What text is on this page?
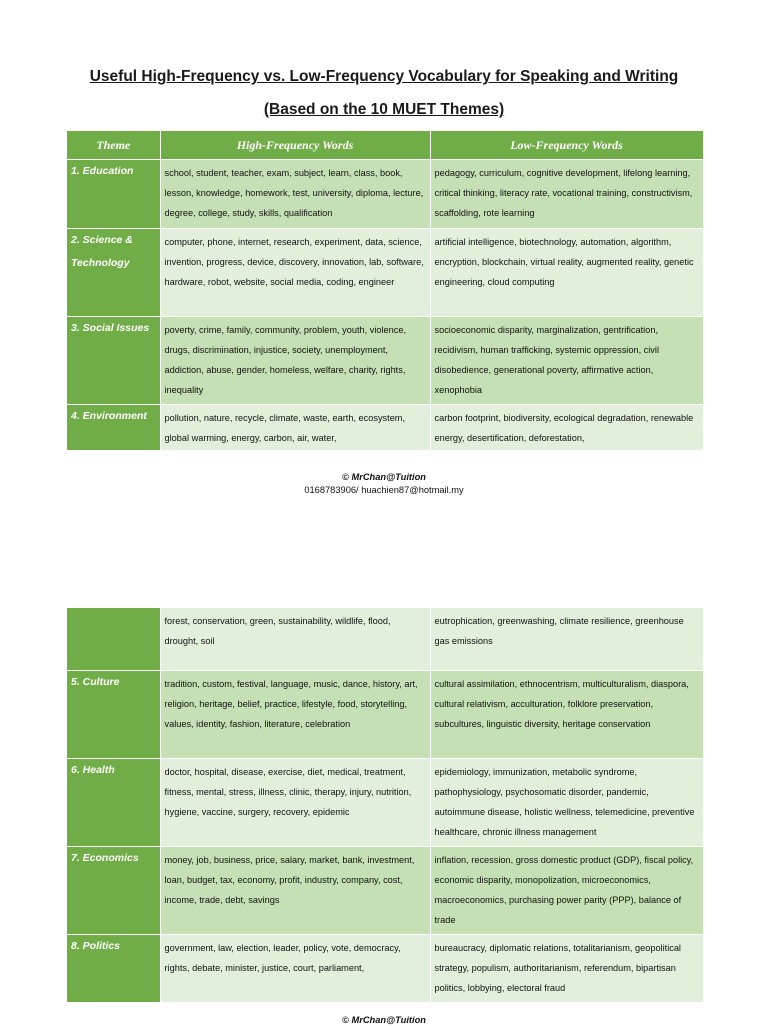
Useful High-Frequency vs. Low-Frequency Vocabulary for Speaking and Writing
(Based on the 10 MUET Themes)
Theme	High-Frequency Words	Low-Frequency Words
1. Education	school, student, teacher, exam, subject, learn, class, book, lesson, knowledge, homework, test, university, diploma, lecture, degree, college, study, skills, qualification	pedagogy, curriculum, cognitive development, lifelong learning, critical thinking, literacy rate, vocational training, constructivism, scaffolding, rote learning
2. Science & Technology	computer, phone, internet, research, experiment, data, science, invention, progress, device, discovery, innovation, lab, software, hardware, robot, website, social media, coding, engineer	artificial intelligence, biotechnology, automation, algorithm, encryption, blockchain, virtual reality, augmented reality, genetic engineering, cloud computing
3. Social Issues	poverty, crime, family, community, problem, youth, violence, drugs, discrimination, injustice, society, unemployment, addiction, abuse, gender, homeless, welfare, charity, rights, inequality	socioeconomic disparity, marginalization, gentrification, recidivism, human trafficking, systemic oppression, civil disobedience, generational poverty, affirmative action, xenophobia
4. Environment	pollution, nature, recycle, climate, waste, earth, ecosystem, global warming, energy, carbon, air, water,	carbon footprint, biodiversity, ecological degradation, renewable energy, desertification, deforestation,
© MrChan@Tuition
0168783906/ huachien87@hotmail.my
	forest, conservation, green, sustainability, wildlife, flood, drought, soil	eutrophication, greenwashing, climate resilience, greenhouse gas emissions
5. Culture	tradition, custom, festival, language, music, dance, history, art, religion, heritage, belief, practice, lifestyle, food, storytelling, values, identity, fashion, literature, celebration	cultural assimilation, ethnocentrism, multiculturalism, diaspora, cultural relativism, acculturation, folklore preservation, subcultures, linguistic diversity, heritage conservation
6. Health	doctor, hospital, disease, exercise, diet, medical, treatment, fitness, mental, stress, illness, clinic, therapy, injury, nutrition, hygiene, vaccine, surgery, recovery, epidemic	epidemiology, immunization, metabolic syndrome, pathophysiology, psychosomatic disorder, pandemic, autoimmune disease, holistic wellness, telemedicine, preventive healthcare, chronic illness management
7. Economics	money, job, business, price, salary, market, bank, investment, loan, budget, tax, economy, profit, industry, company, cost, income, trade, debt, savings	inflation, recession, gross domestic product (GDP), fiscal policy, economic disparity, monopolization, microeconomics, macroeconomics, purchasing power parity (PPP), balance of trade
8. Politics	government, law, election, leader, policy, vote, democracy, rights, debate, minister, justice, court, parliament,	bureaucracy, diplomatic relations, totalitarianism, geopolitical strategy, populism, authoritarianism, referendum, bipartisan politics, lobbying, electoral fraud
© MrChan@Tuition
